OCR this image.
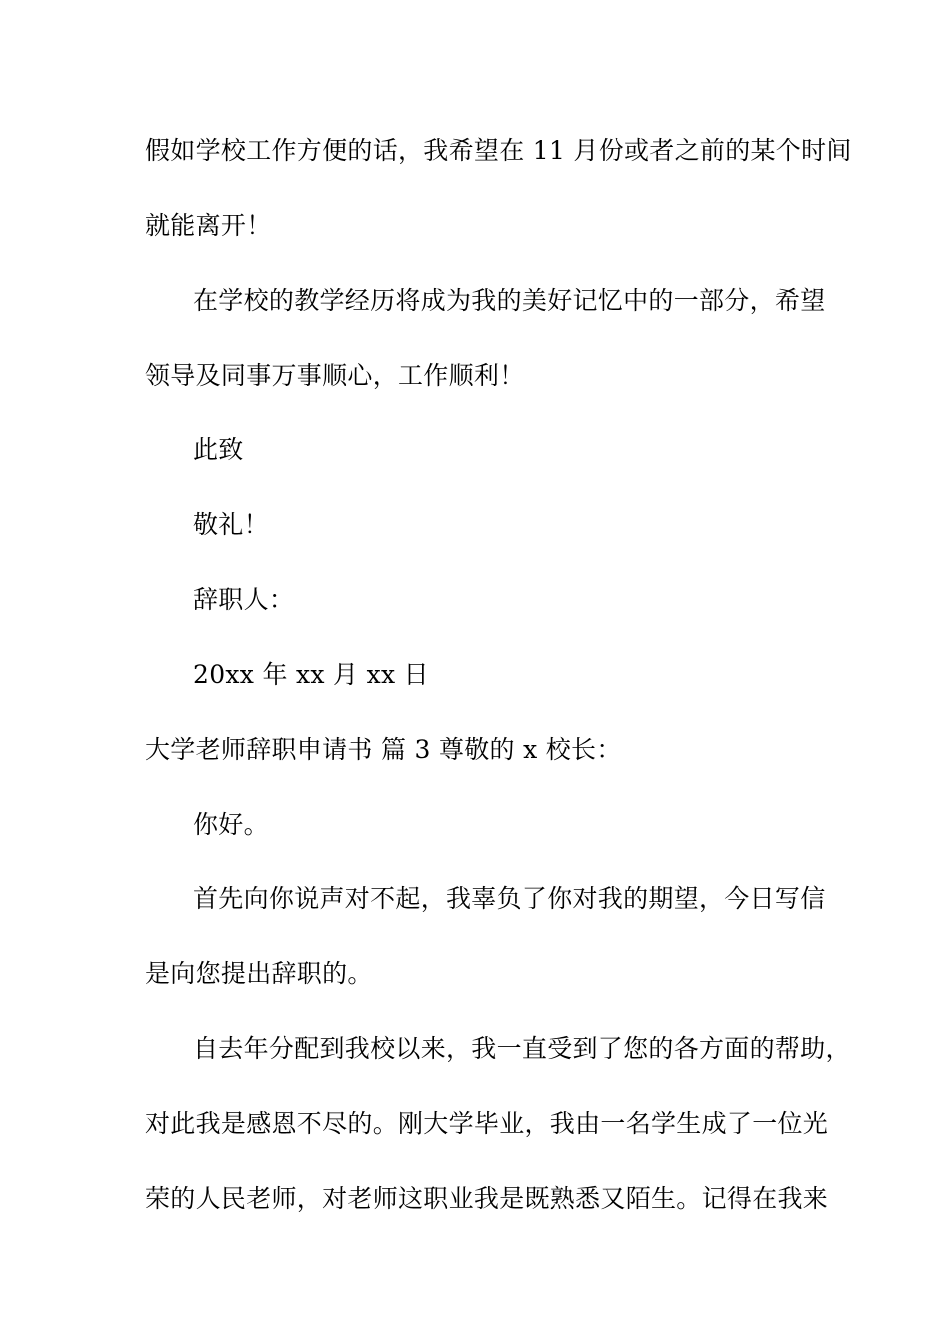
假如学校工作方便的话，我希望在 11 月份或者之前的某个时间
就能离开！
在学校的教学经历将成为我的美好记忆中的一部分，希望
领导及同事万事顺心，工作顺利！
此致
敬礼！
辞职人：
20xx 年 xx 月 xx 日
大学老师辞职申请书 篇 3 尊敬的 x 校长：
你好。
首先向你说声对不起，我辜负了你对我的期望，今日写信
是向您提出辞职的。
自去年分配到我校以来，我一直受到了您的各方面的帮助，
对此我是感恩不尽的。刚大学毕业，我由一名学生成了一位光
荣的人民老师，对老师这职业我是既熟悉又陌生。记得在我来
